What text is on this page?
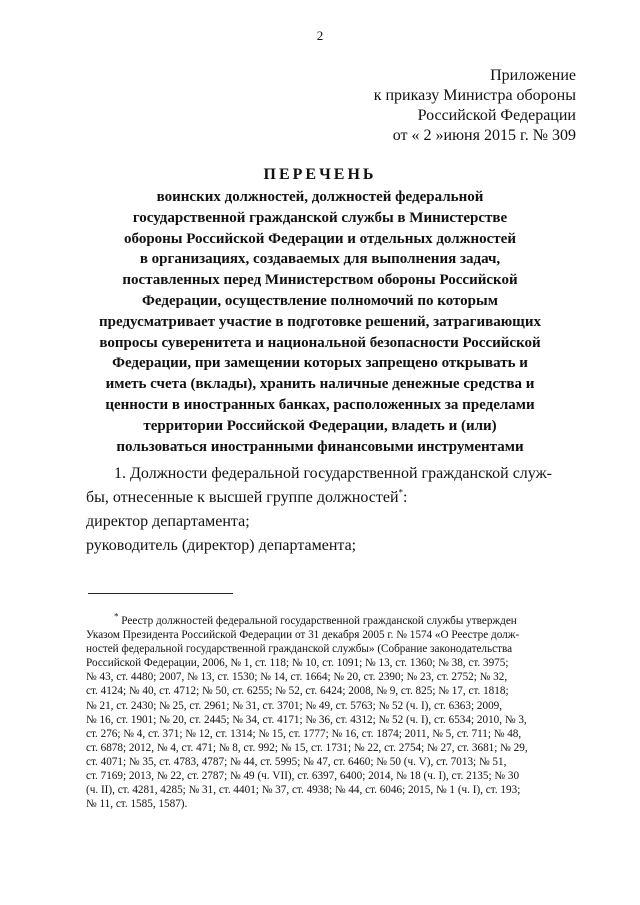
2
Приложение
к приказу Министра обороны
Российской Федерации
от « 2 »июня 2015 г. № 309
ПЕРЕЧЕНЬ
воинских должностей, должностей федеральной
государственной гражданской службы в Министерстве
обороны Российской Федерации и отдельных должностей
в организациях, создаваемых для выполнения задач,
поставленных перед Министерством обороны Российской
Федерации, осуществление полномочий по которым
предусматривает участие в подготовке решений, затрагивающих
вопросы суверенитета и национальной безопасности Российской
Федерации, при замещении которых запрещено открывать и
иметь счета (вклады), хранить наличные денежные средства и
ценности в иностранных банках, расположенных за пределами
территории Российской Федерации, владеть и (или)
пользоваться иностранными финансовыми инструментами
1. Должности федеральной государственной гражданской служ-
бы, отнесенные к высшей группе должностей*:
директор департамента;
руководитель (директор) департамента;
* Реестр должностей федеральной государственной гражданской службы утвержден
Указом Президента Российской Федерации от 31 декабря 2005 г. № 1574 «О Реестре долж-
ностей федеральной государственной гражданской службы» (Собрание законодательства
Российской Федерации, 2006, № 1, ст. 118; № 10, ст. 1091; № 13, ст. 1360; № 38, ст. 3975;
№ 43, ст. 4480; 2007, № 13, ст. 1530; № 14, ст. 1664; № 20, ст. 2390; № 23, ст. 2752; № 32,
ст. 4124; № 40, ст. 4712; № 50, ст. 6255; № 52, ст. 6424; 2008, № 9, ст. 825; № 17, ст. 1818;
№ 21, ст. 2430; № 25, ст. 2961; № 31, ст. 3701; № 49, ст. 5763; № 52 (ч. I), ст. 6363; 2009,
№ 16, ст. 1901; № 20, ст. 2445; № 34, ст. 4171; № 36, ст. 4312; № 52 (ч. I), ст. 6534; 2010, № 3,
ст. 276; № 4, ст. 371; № 12, ст. 1314; № 15, ст. 1777; № 16, ст. 1874; 2011, № 5, ст. 711; № 48,
ст. 6878; 2012, № 4, ст. 471; № 8, ст. 992; № 15, ст. 1731; № 22, ст. 2754; № 27, ст. 3681; № 29,
ст. 4071; № 35, ст. 4783, 4787; № 44, ст. 5995; № 47, ст. 6460; № 50 (ч. V), ст. 7013; № 51,
ст. 7169; 2013, № 22, ст. 2787; № 49 (ч. VII), ст. 6397, 6400; 2014, № 18 (ч. I), ст. 2135; № 30
(ч. II), ст. 4281, 4285; № 31, ст. 4401; № 37, ст. 4938; № 44, ст. 6046; 2015, № 1 (ч. I), ст. 193;
№ 11, ст. 1585, 1587).
